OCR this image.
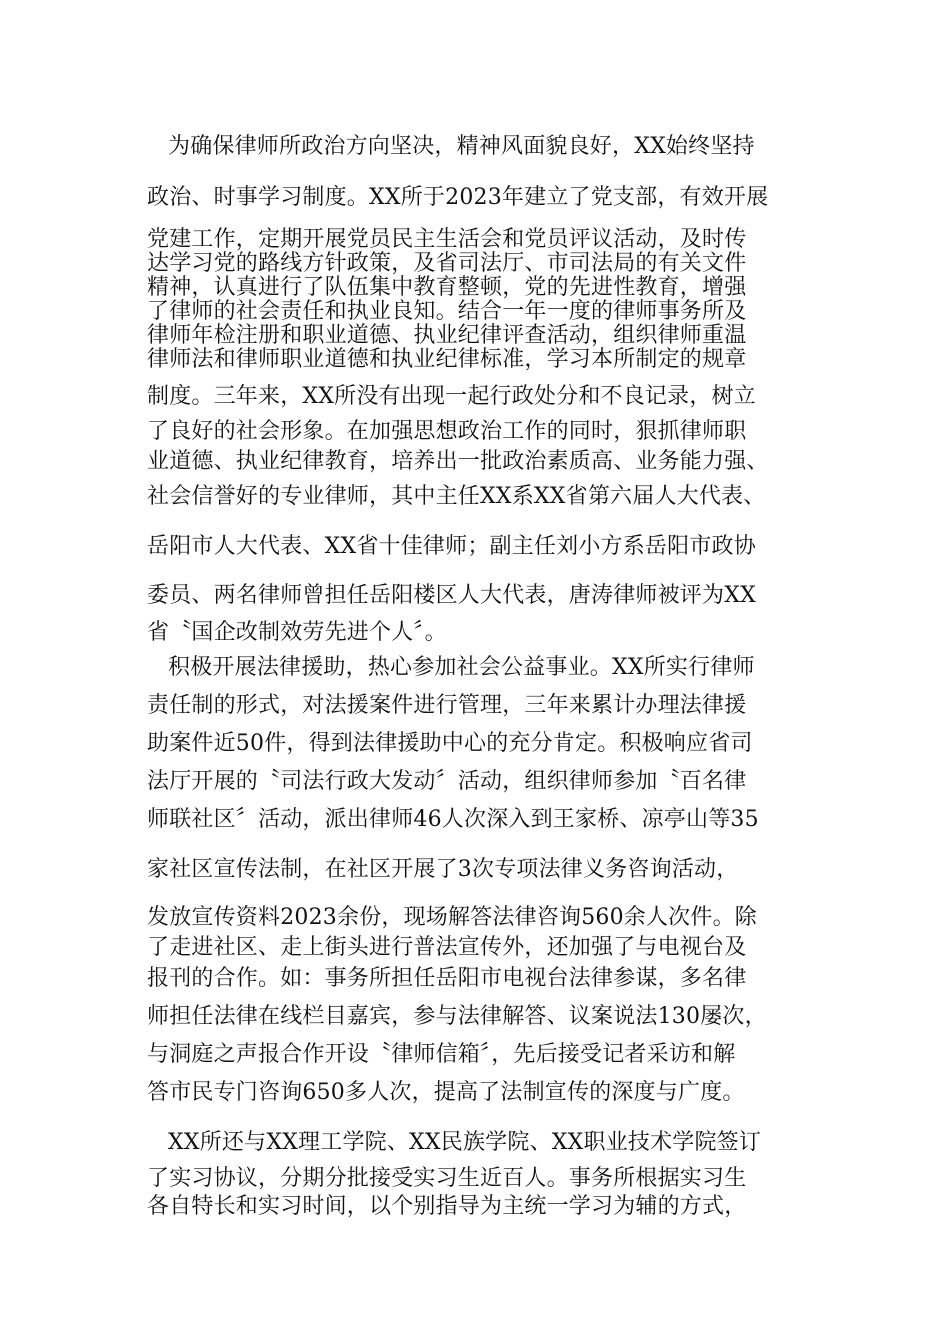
为确保律师所政治方向坚决，精神风面貌良好，XX始终坚持

政治、时事学习制度。XX所于2023年建立了党支部，有效开展

党建工作，定期开展党员民主生活会和党员评议活动，及时传

达学习党的路线方针政策，及省司法厅、市司法局的有关文件

精神，认真进行了队伍集中教育整顿，党的先进性教育，增强

了律师的社会责任和执业良知。结合一年一度的律师事务所及

律师年检注册和职业道德、执业纪律评查活动，组织律师重温

律师法和律师职业道德和执业纪律标准，学习本所制定的规章

制度。三年来，XX所没有出现一起行政处分和不良记录，树立

了良好的社会形象。在加强思想政治工作的同时，狠抓律师职

业道德、执业纪律教育，培养出一批政治素质高、业务能力强、

社会信誉好的专业律师，其中主任XX系XX省第六届人大代表、

岳阳市人大代表、XX省十佳律师；副主任刘小方系岳阳市政协

委员、两名律师曾担任岳阳楼区人大代表，唐涛律师被评为XX

省〝国企改制效劳先进个人〞。

积极开展法律援助，热心参加社会公益事业。XX所实行律师

责任制的形式，对法援案件进行管理，三年来累计办理法律援

助案件近50件，得到法律援助中心的充分肯定。积极响应省司

法厅开展的〝司法行政大发动〞活动，组织律师参加〝百名律

师联社区〞活动，派出律师46人次深入到王家桥、凉亭山等35

家社区宣传法制，在社区开展了3次专项法律义务咨询活动，

发放宣传资料2023余份，现场解答法律咨询560余人次件。除

了走进社区、走上街头进行普法宣传外，还加强了与电视台及

报刊的合作。如：事务所担任岳阳市电视台法律参谋，多名律

师担任法律在线栏目嘉宾，参与法律解答、议案说法130屡次，

与洞庭之声报合作开设〝律师信箱〞，先后接受记者采访和解

答市民专门咨询650多人次，提高了法制宣传的深度与广度。

XX所还与XX理工学院、XX民族学院、XX职业技术学院签订

了实习协议，分期分批接受实习生近百人。事务所根据实习生

各自特长和实习时间，以个别指导为主统一学习为辅的方式，
